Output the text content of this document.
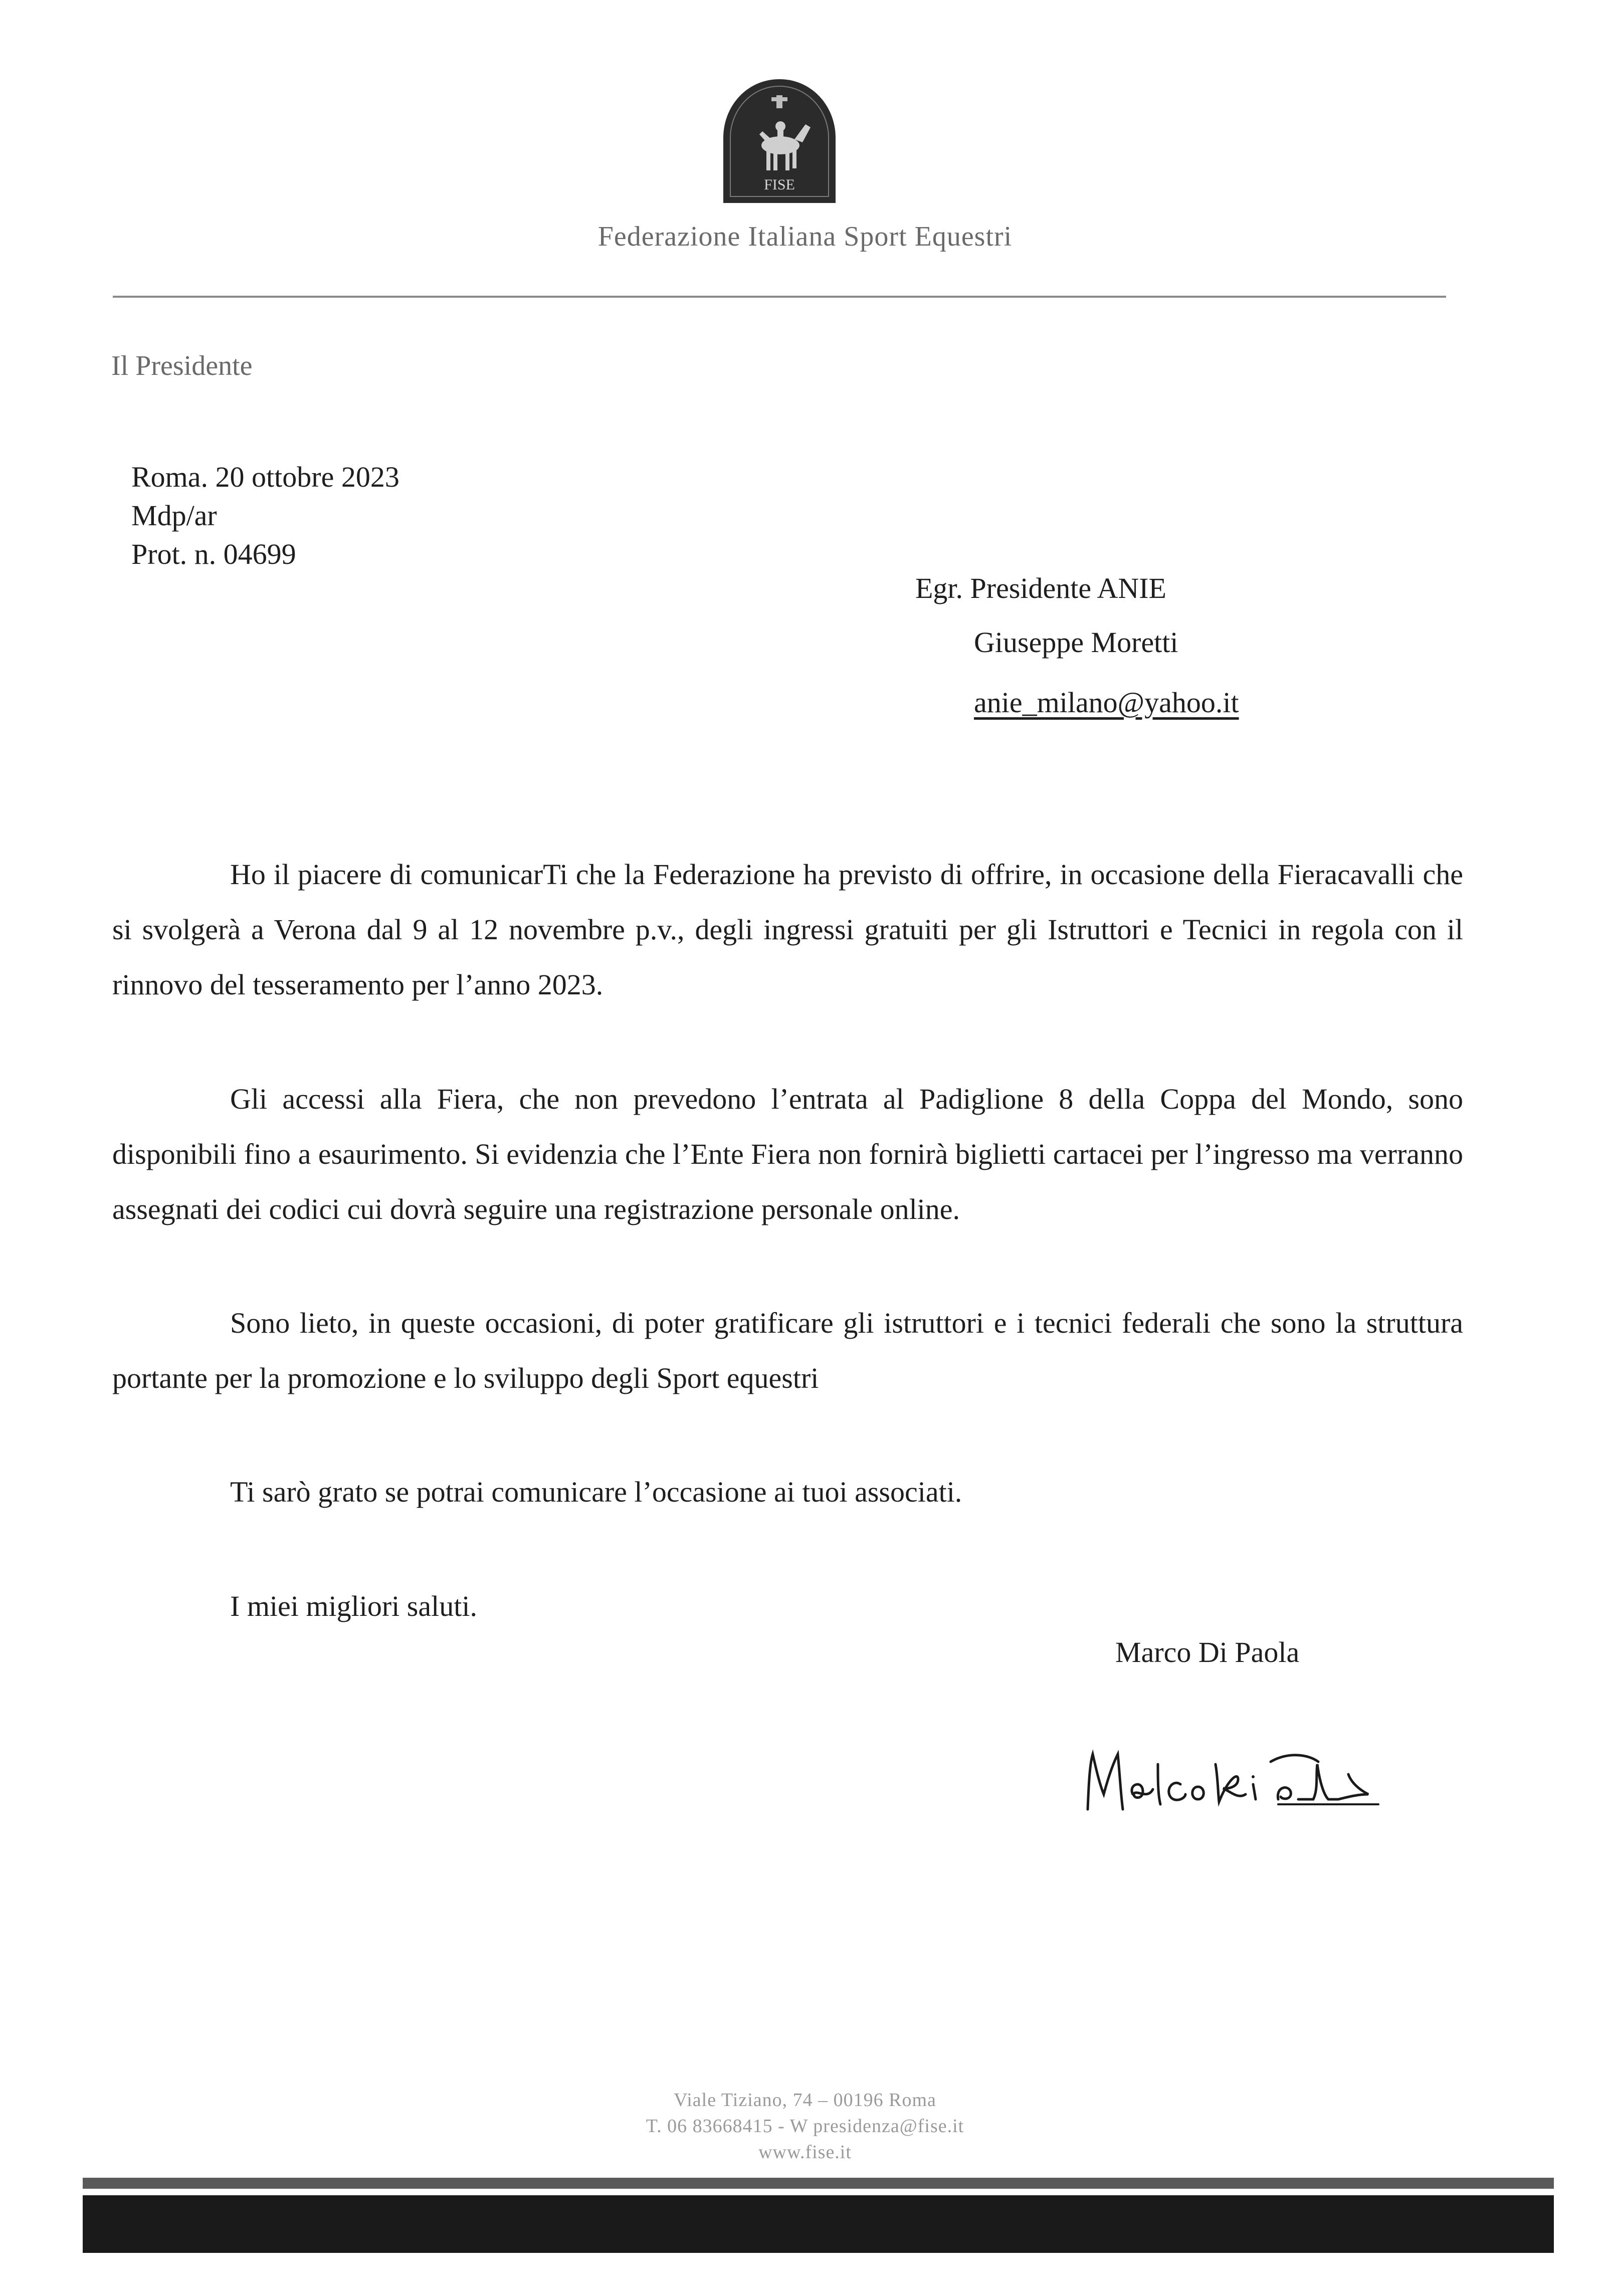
FISE
Federazione Italiana Sport Equestri
Il Presidente
Roma. 20 ottobre 2023
Mdp/ar
Prot. n. 04699
Egr. Presidente ANIE
Giuseppe Moretti
anie_milano@yahoo.it
Ho il piacere di comunicarTi che la Federazione ha previsto di offrire, in occasione della Fieracavalli che si svolgerà a Verona dal 9 al 12 novembre p.v., degli ingressi gratuiti per gli Istruttori e Tecnici in regola con il rinnovo del tesseramento per l’anno 2023.
Gli accessi alla Fiera, che non prevedono l’entrata al Padiglione 8 della Coppa del Mondo, sono disponibili fino a esaurimento. Si evidenzia che l’Ente Fiera non fornirà biglietti cartacei per l’ingresso ma verranno assegnati dei codici cui dovrà seguire una registrazione personale online.
Sono lieto, in queste occasioni, di poter gratificare gli istruttori e i tecnici federali che sono la struttura portante per la promozione e lo sviluppo degli Sport equestri
Ti sarò grato se potrai comunicare l’occasione ai tuoi associati.
I miei migliori saluti.
Marco Di Paola
Viale Tiziano, 74 – 00196 Roma
T. 06 83668415 - W presidenza@fise.it
www.fise.it
